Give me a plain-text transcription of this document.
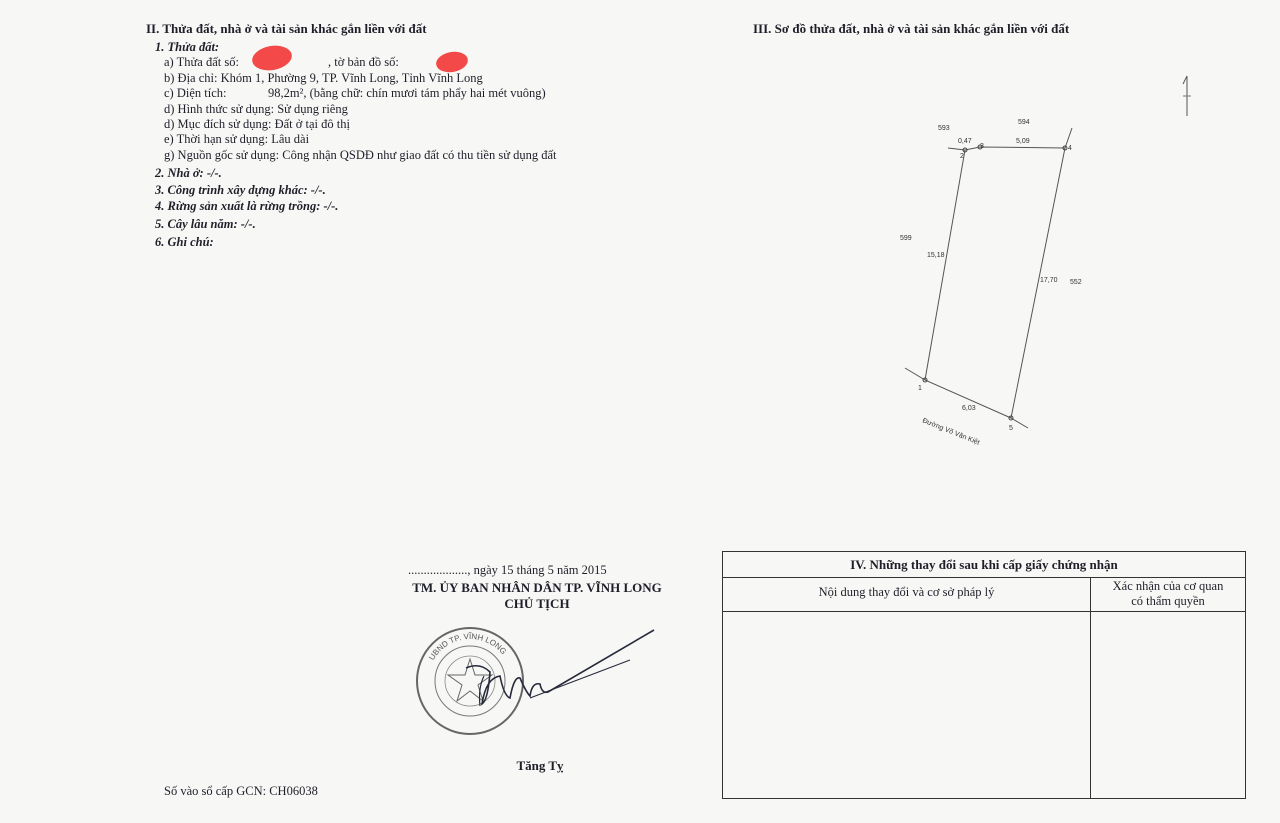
II. Thửa đất, nhà ở và tài sản khác gắn liền với đất
1. Thửa đất:
a) Thửa đất số:	, tờ bản đồ số:
b) Địa chỉ: Khóm 1, Phường 9, TP. Vĩnh Long, Tỉnh Vĩnh Long
c) Diện tích:	98,2m², (bằng chữ: chín mươi tám phẩy hai mét vuông)
d) Hình thức sử dụng: Sử dụng riêng
d) Mục đích sử dụng: Đất ở tại đô thị
e) Thời hạn sử dụng: Lâu dài
g) Nguồn gốc sử dụng: Công nhận QSDĐ như giao đất có thu tiền sử dụng đất
2. Nhà ở: -/-.
3. Công trình xây dựng khác: -/-.
4. Rừng sản xuất là rừng trồng: -/-.
5. Cây lâu năm: -/-.
6. Ghi chú:
III. Sơ đồ thửa đất, nhà ở và tài sản khác gắn liền với đất
593
594
599
552
0,47	5,09
15,18
17,70
6,03
1
2
3	4
5
Đường Võ Văn Kiệt
..................., ngày 15 tháng 5 năm 2015
TM. ỦY BAN NHÂN DÂN TP. VĨNH LONG
CHỦ TỊCH
UBND TP. VĨNH LONG
Tăng Tỵ
Số vào sổ cấp GCN: CH06038
IV. Những thay đổi sau khi cấp giấy chứng nhận
Nội dung thay đổi và cơ sở pháp lý	Xác nhận của cơ quan
có thẩm quyền
